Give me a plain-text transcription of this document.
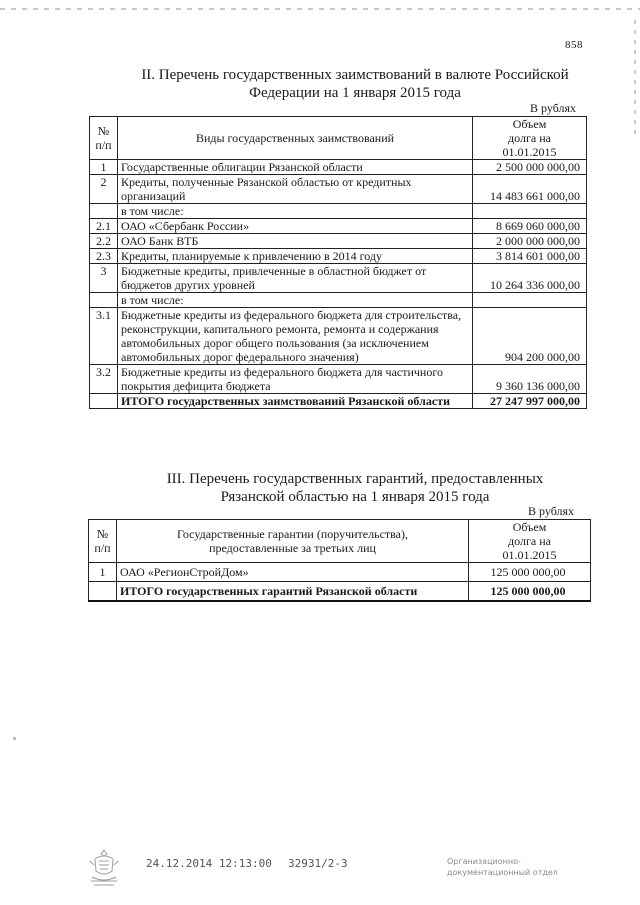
858
II. Перечень государственных заимствований в валюте Российской
Федерации на 1 января 2015 года
В рублях
№
п/п	Виды государственных заимствований	Объем
долга на
01.01.2015
1	Государственные облигации Рязанской области	2 500 000 000,00
2	Кредиты, полученные Рязанской областью от кредитных организаций	14 483 661 000,00
	в том числе:	
2.1	ОАО «Сбербанк России»	8 669 060 000,00
2.2	ОАО Банк ВТБ	2 000 000 000,00
2.3	Кредиты, планируемые к привлечению в 2014 году	3 814 601 000,00
3	Бюджетные кредиты, привлеченные в областной бюджет от бюджетов других уровней	10 264 336 000,00
	в том числе:	
3.1	Бюджетные кредиты из федерального бюджета для строительства, реконструкции, капитального ремонта, ремонта и содержания автомобильных дорог общего пользования (за исключением автомобильных дорог федерального значения)	904 200 000,00
3.2	Бюджетные кредиты из федерального бюджета для частичного покрытия дефицита бюджета	9 360 136 000,00
	ИТОГО государственных заимствований Рязанской области	27 247 997 000,00
III. Перечень государственных гарантий, предоставленных
Рязанской областью на 1 января 2015 года
В рублях
№
п/п	Государственные гарантии (поручительства),
предоставленные за третьих лиц	Объем
долга на
01.01.2015
1	ОАО «РегионСтройДом»	125 000 000,00
	ИТОГО государственных гарантий Рязанской области	125 000 000,00
24.12.2014 12:13:00 32931/2-3	Организационно-
документационный отдел
